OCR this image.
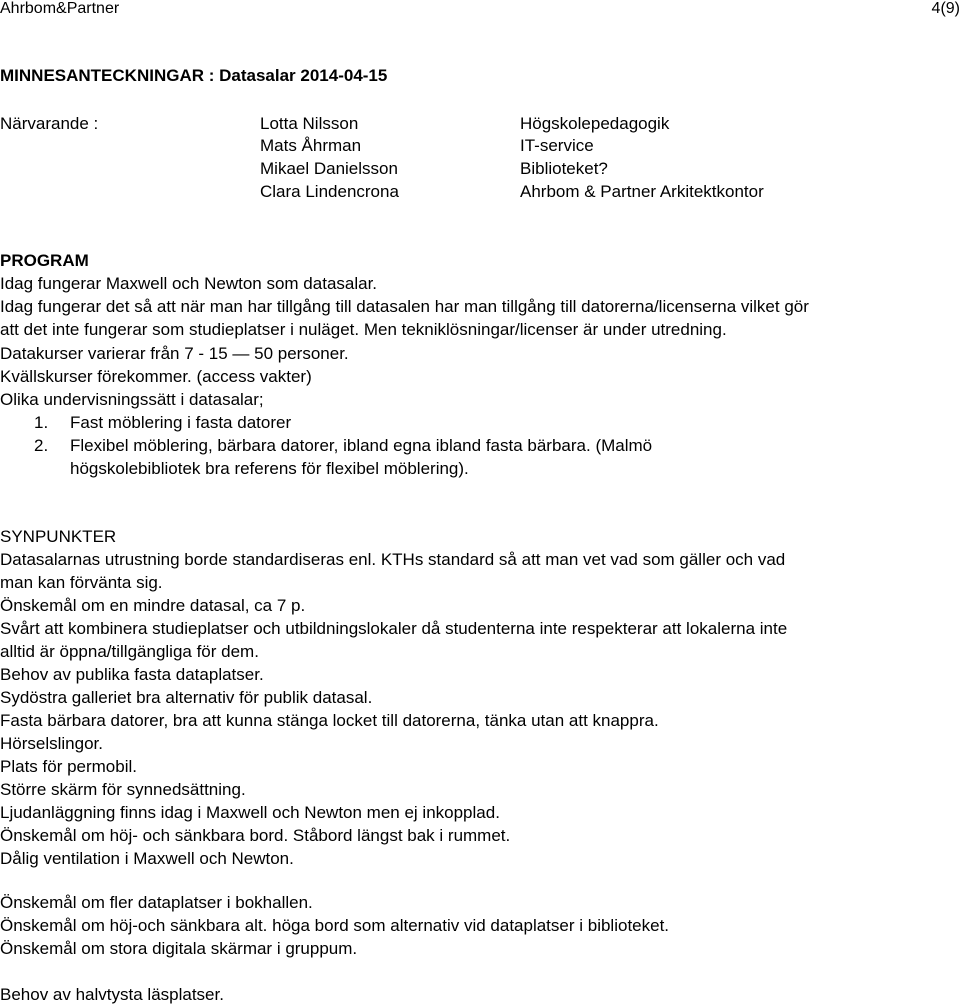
Ahrbom&Partner	4(9)
MINNESANTECKNINGAR : Datasalar 2014-04-15
Närvarande :	Lotta Nilsson	Högskolepedagogik
Mats Åhrman	IT-service
Mikael Danielsson	Biblioteket?
Clara Lindencrona	Ahrbom & Partner Arkitektkontor
PROGRAM
Idag fungerar Maxwell och Newton som datasalar.
Idag fungerar det så att när man har tillgång till datasalen har man tillgång till datorerna/licenserna vilket gör
att det inte fungerar som studieplatser i nuläget. Men tekniklösningar/licenser är under utredning.
Datakurser varierar från 7 - 15 — 50 personer.
Kvällskurser förekommer. (access vakter)
Olika undervisningssätt i datasalar;
1. Fast möblering i fasta datorer
2. Flexibel möblering, bärbara datorer, ibland egna ibland fasta bärbara. (Malmö
högskolebibliotek bra referens för flexibel möblering).
SYNPUNKTER
Datasalarnas utrustning borde standardiseras enl. KTHs standard så att man vet vad som gäller och vad
man kan förvänta sig.
Önskemål om en mindre datasal, ca 7 p.
Svårt att kombinera studieplatser och utbildningslokaler då studenterna inte respekterar att lokalerna inte
alltid är öppna/tillgängliga för dem.
Behov av publika fasta dataplatser.
Sydöstra galleriet bra alternativ för publik datasal.
Fasta bärbara datorer, bra att kunna stänga locket till datorerna, tänka utan att knappra.
Hörselslingor.
Plats för permobil.
Större skärm för synnedsättning.
Ljudanläggning finns idag i Maxwell och Newton men ej inkopplad.
Önskemål om höj- och sänkbara bord. Ståbord längst bak i rummet.
Dålig ventilation i Maxwell och Newton.
Önskemål om fler dataplatser i bokhallen.
Önskemål om höj-och sänkbara alt. höga bord som alternativ vid dataplatser i biblioteket.
Önskemål om stora digitala skärmar i gruppum.
Behov av halvtysta läsplatser.
